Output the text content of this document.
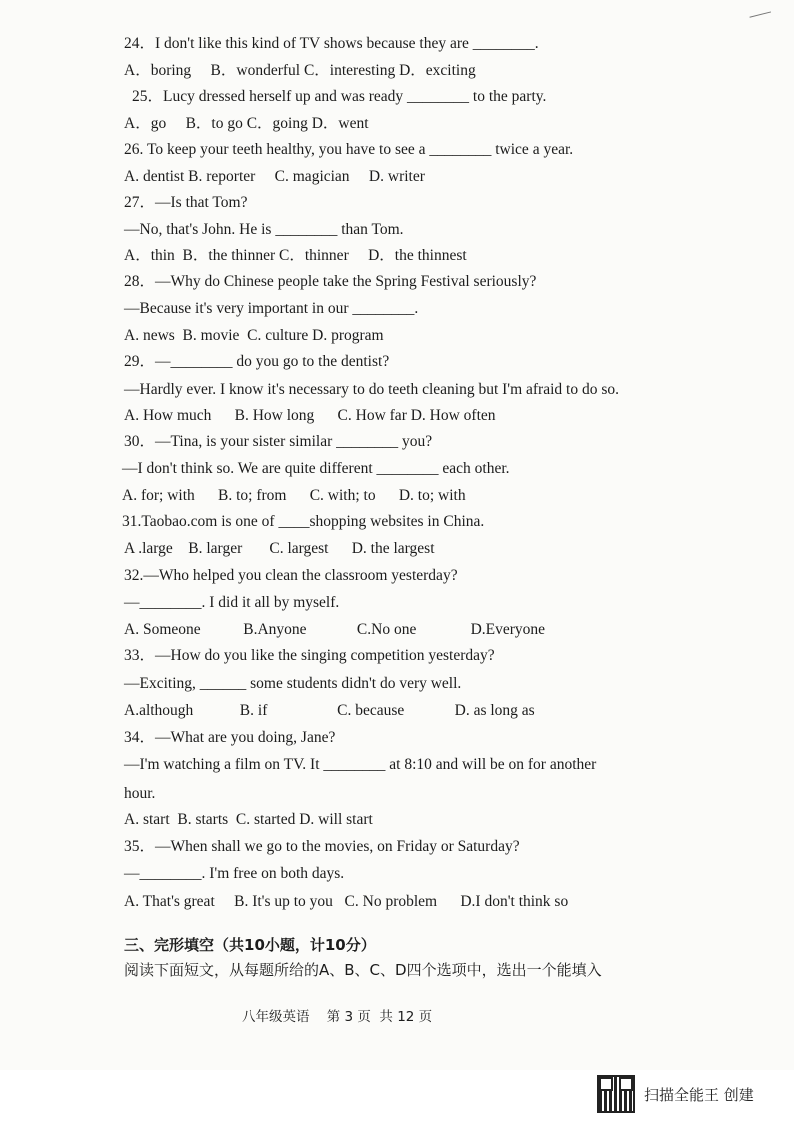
24．I don't like this kind of TV shows because they are ________.
A．boring     B．wonderful C．interesting D．exciting
25．Lucy dressed herself up and was ready ________ to the party.
A．go     B．to go C．going D．went
26. To keep your teeth healthy, you have to see a ________ twice a year.
A. dentist B. reporter     C. magician     D. writer
27．—Is that Tom?
—No, that's John. He is ________ than Tom.
A．thin  B．the thinner C．thinner     D．the thinnest
28．—Why do Chinese people take the Spring Festival seriously?
—Because it's very important in our ________.
A. news  B. movie  C. culture D. program
29．—________ do you go to the dentist?
—Hardly ever. I know it's necessary to do teeth cleaning but I'm afraid to do so.
A. How much      B. How long      C. How far D. How often
30．—Tina, is your sister similar ________ you?
—I don't think so. We are quite different ________ each other.
A. for; with      B. to; from      C. with; to      D. to; with
31.Taobao.com is one of ____shopping websites in China.
A .large    B. larger       C. largest      D. the largest
32.—Who helped you clean the classroom yesterday?
—________. I did it all by myself.
A. Someone           B.Anyone             C.No one              D.Everyone
33．—How do you like the singing competition yesterday?
—Exciting, ______ some students didn't do very well.
A.although            B. if                  C. because             D. as long as
34．—What are you doing, Jane?
—I'm watching a film on TV. It ________ at 8:10 and will be on for another
hour.
A. start  B. starts  C. started D. will start
35．—When shall we go to the movies, on Friday or Saturday?
—________. I'm free on both days.
A. That's great     B. It's up to you   C. No problem      D.I don't think so
三、完形填空（共10小题，计10分）
阅读下面短文，从每题所给的A、B、C、D四个选项中，选出一个能填入
八年级英语    第 3 页  共 12 页
扫描全能王 创建
